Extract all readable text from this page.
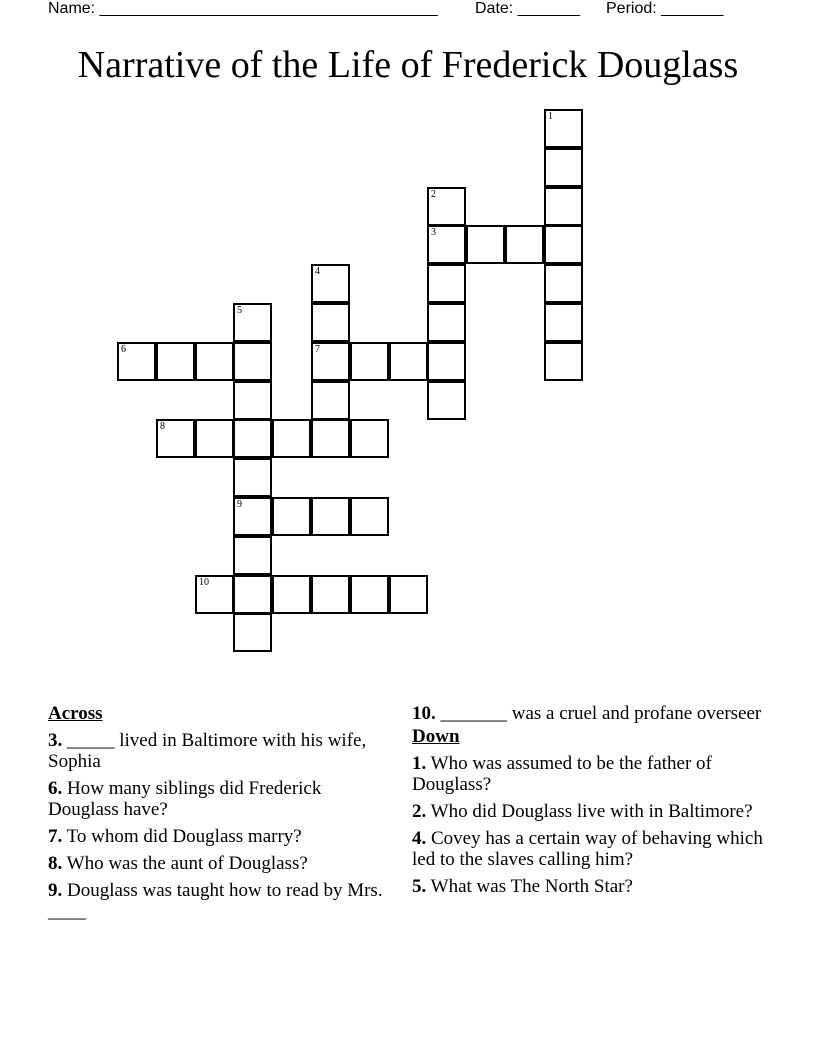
Name: ______________________________________ Date: _______ Period: _______
Narrative of the Life of Frederick Douglass
1
2
3
4
7
5
9
6
8
10
Across
3. _____ lived in Baltimore with his wife, Sophia
6. How many siblings did Frederick Douglass have?
7. To whom did Douglass marry?
8. Who was the aunt of Douglass?
9. Douglass was taught how to read by Mrs. ____
10. _______ was a cruel and profane overseer
Down
1. Who was assumed to be the father of Douglass?
2. Who did Douglass live with in Baltimore?
4. Covey has a certain way of behaving which led to the slaves calling him?
5. What was The North Star?
